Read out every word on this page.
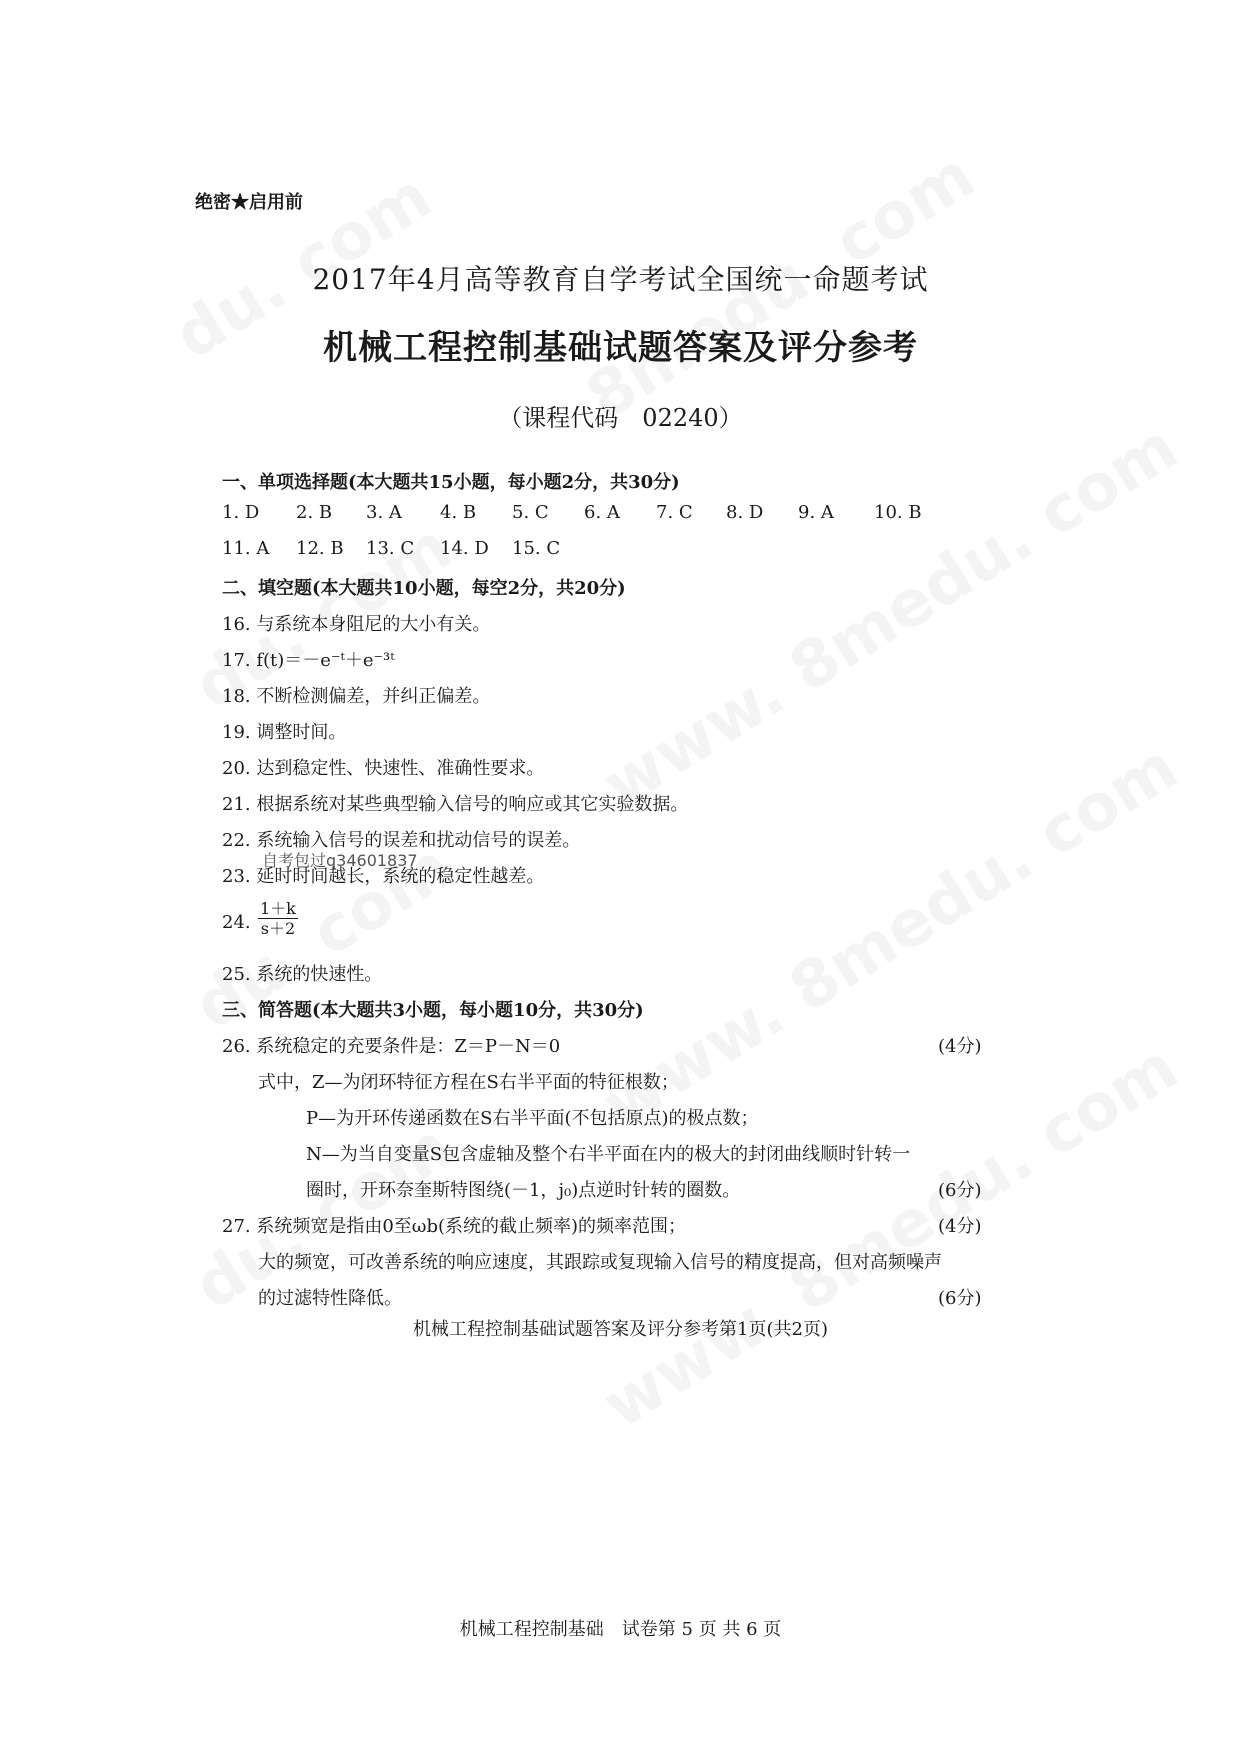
绝密★启用前
2017年4月高等教育自学考试全国统一命题考试
机械工程控制基础试题答案及评分参考
（课程代码　02240）
一、单项选择题(本大题共15小题，每小题2分，共30分)
1. D 2. B 3. A 4. B 5. C 6. A 7. C 8. D 9. A 10. B
11. A 12. B 13. C 14. D 15. C
二、填空题(本大题共10小题，每空2分，共20分)
16. 与系统本身阻尼的大小有关。
17. f(t)＝－e⁻ᵗ＋e⁻³ᵗ
18. 不断检测偏差，并纠正偏差。
19. 调整时间。
20. 达到稳定性、快速性、准确性要求。
21. 根据系统对某些典型输入信号的响应或其它实验数据。
22. 系统输入信号的误差和扰动信号的误差。
自考包过q34601837
23. 延时时间越长，系统的稳定性越差。
24. $\frac{1+k}{s+2}$
25. 系统的快速性。
三、简答题(本大题共3小题，每小题10分，共30分)
26. 系统稳定的充要条件是：Z＝P－N＝0	(4分)
式中，Z—为闭环特征方程在S右半平面的特征根数；
P—为开环传递函数在S右半平面(不包括原点)的极点数；
N—为当自变量S包含虚轴及整个右半平面在内的极大的封闭曲线顺时针转一
圈时，开环奈奎斯特图绕(－1，j₀)点逆时针转的圈数。	(6分)
27. 系统频宽是指由0至ωb(系统的截止频率)的频率范围；	(4分)
大的频宽，可改善系统的响应速度，其跟踪或复现输入信号的精度提高，但对高频噪声
的过滤特性降低。	(6分)
机械工程控制基础试题答案及评分参考第1页(共2页)
机械工程控制基础　试卷第 5 页 共 6 页
